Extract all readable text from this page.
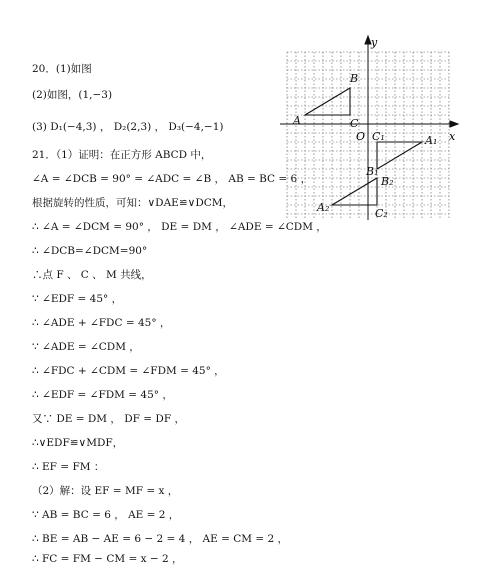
20．(1)如图
(2)如图，(1,−3)
(3) D₁(−4,3) ， D₂(2,3) ， D₃(−4,−1)
21．（1）证明：在正方形 ABCD 中，
∠A = ∠DCB = 90° = ∠ADC = ∠B ， AB = BC = 6 ，
根据旋转的性质，可知：∨DAE≌∨DCM，
∴ ∠A = ∠DCM = 90° ， DE = DM ， ∠ADE = ∠CDM ，
∴ ∠DCB=∠DCM=90°
∴点 F 、 C 、 M 共线，
∵ ∠EDF = 45° ，
∴ ∠ADE + ∠FDC = 45° ，
∵ ∠ADE = ∠CDM ，
∴ ∠FDC + ∠CDM = ∠FDM = 45° ，
∴ ∠EDF = ∠FDM = 45° ，
又∵ DE = DM ， DF = DF ，
∴∨EDF≌∨MDF，
∴ EF = FM ：
（2）解：设 EF = MF = x ，
∵ AB = BC = 6 ， AE = 2 ，
∴ BE = AB − AE = 6 − 2 = 4 ， AE = CM = 2 ，
∴ FC = FM − CM = x − 2 ，
x
y
O
A
B
C
C₁	A₁
B₁
B₂
A₂	C₂
